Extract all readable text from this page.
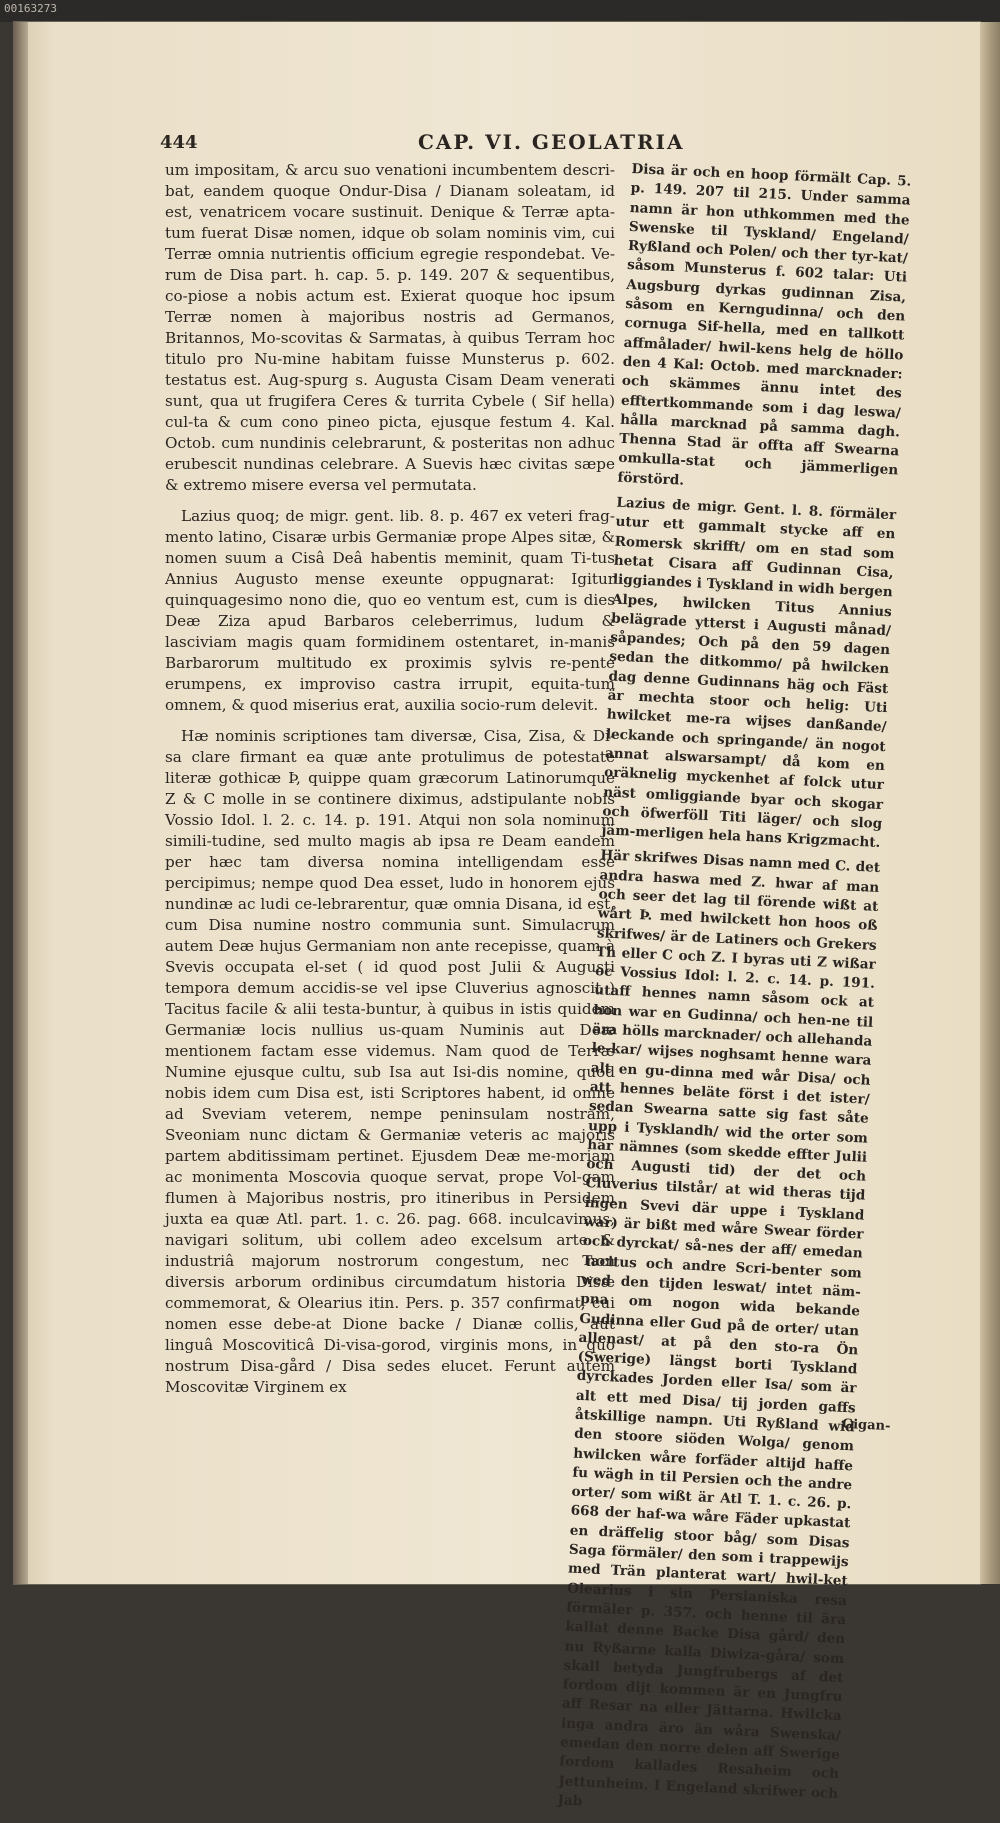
00163273
444	CAP. VI. GEOLATRIA

um impositam, & arcu suo venationi incumbentem descri-bat, eandem quoque Ondur-Disa / Dianam soleatam, id est, venatricem vocare sustinuit. Denique & Terræ apta-tum fuerat Disæ nomen, idque ob solam nominis vim, cui Terræ omnia nutrientis officium egregie respondebat. Ve-rum de Disa part. h. cap. 5. p. 149. 207 & sequentibus, co-piose a nobis actum est. Exierat quoque hoc ipsum Terræ nomen à majoribus nostris ad Germanos, Britannos, Mo-scovitas & Sarmatas, à quibus Terram hoc titulo pro Nu-mine habitam fuisse Munsterus p. 602. testatus est. Aug-spurg s. Augusta Cisam Deam venerati sunt, qua ut frugifera Ceres & turrita Cybele ( Sif hella) cul-ta & cum cono pineo picta, ejusque festum 4. Kal. Octob. cum nundinis celebrarunt, & posteritas non adhuc erubescit nundinas celebrare. A Suevis hæc civitas sæpe & extremo misere eversa vel permutata.

Lazius quoq; de migr. gent. lib. 8. p. 467 ex veteri frag-mento latino, Cisaræ urbis Germaniæ prope Alpes sitæ, & nomen suum a Cisâ Deâ habentis meminit, quam Ti-tus Annius Augusto mense exeunte oppugnarat: Igitur quinquagesimo nono die, quo eo ventum est, cum is dies Deæ Ziza apud Barbaros celeberrimus, ludum & lasciviam magis quam formidinem ostentaret, in-manis Barbarorum multitudo ex proximis sylvis re-pente erumpens, ex improviso castra irrupit, equita-tum omnem, & quod miserius erat, auxilia socio-rum delevit.

Hæ nominis scriptiones tam diversæ, Cisa, Zisa, & Di-sa clare firmant ea quæ ante protulimus de potestate literæ gothicæ Þ, quippe quam græcorum Latinorumque Z & C molle in se continere diximus, adstipulante nobis Vossio Idol. l. 2. c. 14. p. 191. Atqui non sola nominum simili-tudine, sed multo magis ab ipsa re Deam eandem per hæc tam diversa nomina intelligendam esse percipimus; nempe quod Dea esset, ludo in honorem ejus nundinæ ac ludi ce-lebrarentur, quæ omnia Disana, id est, cum Disa numine nostro communia sunt. Simulacrum autem Deæ hujus Germaniam non ante recepisse, quam à Svevis occupata el-set ( id quod post Julii & Augusti tempora demum accidis-se vel ipse Cluverius agnoscit ) Tacitus facile & alii testa-buntur, à quibus in istis quidem Germaniæ locis nullius us-quam Numinis aut Deæ mentionem factam esse videmus. Nam quod de Terræ Numine ejusque cultu, sub Isa aut Isi-dis nomine, quod nobis idem cum Disa est, isti Scriptores habent, id omne ad Sveviam veterem, nempe peninsulam nostram, Sveoniam nunc dictam & Germaniæ veteris ac majoris partem abditissimam pertinet. Ejusdem Deæ me-moriam ac monimenta Moscovia quoque servat, prope Vol-gam flumen à Majoribus nostris, pro itineribus in Persidem juxta ea quæ Atl. part. 1. c. 26. pag. 668. inculcavimus, navigari solitum, ubi collem adeo excelsum arte & industriâ majorum nostrorum congestum, nec non diversis arborum ordinibus circumdatum historia Disæ commemorat, & Olearius itin. Pers. p. 357 confirmat, cui nomen esse debe-at Dione backe / Dianæ collis, aut linguâ Moscoviticâ Di-visa-gorod, virginis mons, in quo nostrum Disa-gård / Disa sedes elucet. Ferunt autem Moscovitæ Virginem ex

Disa är och en hoop förmält Cap. 5. p. 149. 207 til 215. Under samma namn är hon uthkommen med the Swenske til Tyskland/ Engeland/ Ryßland och Polen/ och ther tyr-kat/ såsom Munsterus f. 602 talar: Uti Augsburg dyrkas gudinnan Zisa, såsom en Kerngudinna/ och den cornuga Sif-hella, med en tallkott affmålader/ hwil-kens helg de höllo den 4 Kal: Octob. med marcknader: och skämmes ännu intet des efftertkommande som i dag leswa/ hålla marcknad på samma dagh. Thenna Stad är offta aff Swearna omkulla-stat och jämmerligen förstörd.

Lazius de migr. Gent. l. 8. förmäler utur ett gammalt stycke aff en Romersk skrifft/ om en stad som hetat Cisara aff Gudinnan Cisa, liggiandes i Tyskland in widh bergen Alpes, hwilcken Titus Annius belägrade ytterst i Augusti månad/ såpandes; Och på den 59 dagen sedan the ditkommo/ på hwilcken dag denne Gudinnans häg och Fäst är mechta stoor och helig: Uti hwilcket me-ra wijses danßande/ leckande och springande/ än nogot annat alswarsampt/ då kom en oräknelig myckenhet af folck utur näst omliggiande byar och skogar och öfwerföll Titi läger/ och slog jäm-merligen hela hans Krigzmacht.

Här skrifwes Disas namn med C. det andra haswa med Z. hwar af man och seer det lag til förende wißt at wårt Þ. med hwilckett hon hoos oß skrifwes/ är de Latiners och Grekers Th eller C och Z. I byras uti Z wißar oc Vossius Idol: l. 2. c. 14. p. 191. utaff hennes namn såsom ock at hon war en Gudinna/ och hen-ne til ära hölls marcknader/ och allehanda le-kar/ wijses noghsamt henne wara alt en gu-dinna med wår Disa/ och att hennes beläte först i det ister/ sedan Swearna satte sig fast såte upp i Tysklandh/ wid the orter som här nämnes (som skedde effter Julii och Augusti tid) der det och Cluverius tilstår/ at wid theras tijd ingen Svevi där uppe i Tyskland war) är bißt med wåre Swear förder och dyrckat/ så-nes der aff/ emedan Tacitus och andre Scri-benter som wed den tijden leswat/ intet näm-pna om nogon wida bekande Gudinna eller Gud på de orter/ utan allenast/ at på den sto-ra Ön (Swerige) längst borti Tyskland dyrckades Jorden eller Isa/ som är alt ett med Disa/ tij jorden gaffs åtskillige nampn. Uti Ryßland wid den stoore siöden Wolga/ genom hwilcken wåre forfäder altijd haffe fu wägh in til Persien och the andre orter/ som wißt är Atl T. 1. c. 26. p. 668 der haf-wa wåre Fäder upkastat en dräffelig stoor båg/ som Disas Saga förmäler/ den som i trappewijs med Trän planterat wart/ hwil-ket Olearius i sin Persianiska resa förmäler p. 357. och henne til ära kallat denne Backe Disa gård/ den nu Ryßarne kalla Diwiza-gåra/ som skall betyda Jungfrubergs af det fordom dijt kommen är en Jungfru aff Resar na eller Jättarna. Hwilcka inga andra äro än wåra Swenska/ emedan den norre delen aff Swerige fordom kallades Resaheim och Jettunheim. I Engeland skrifwer och Jab

Gigan-
